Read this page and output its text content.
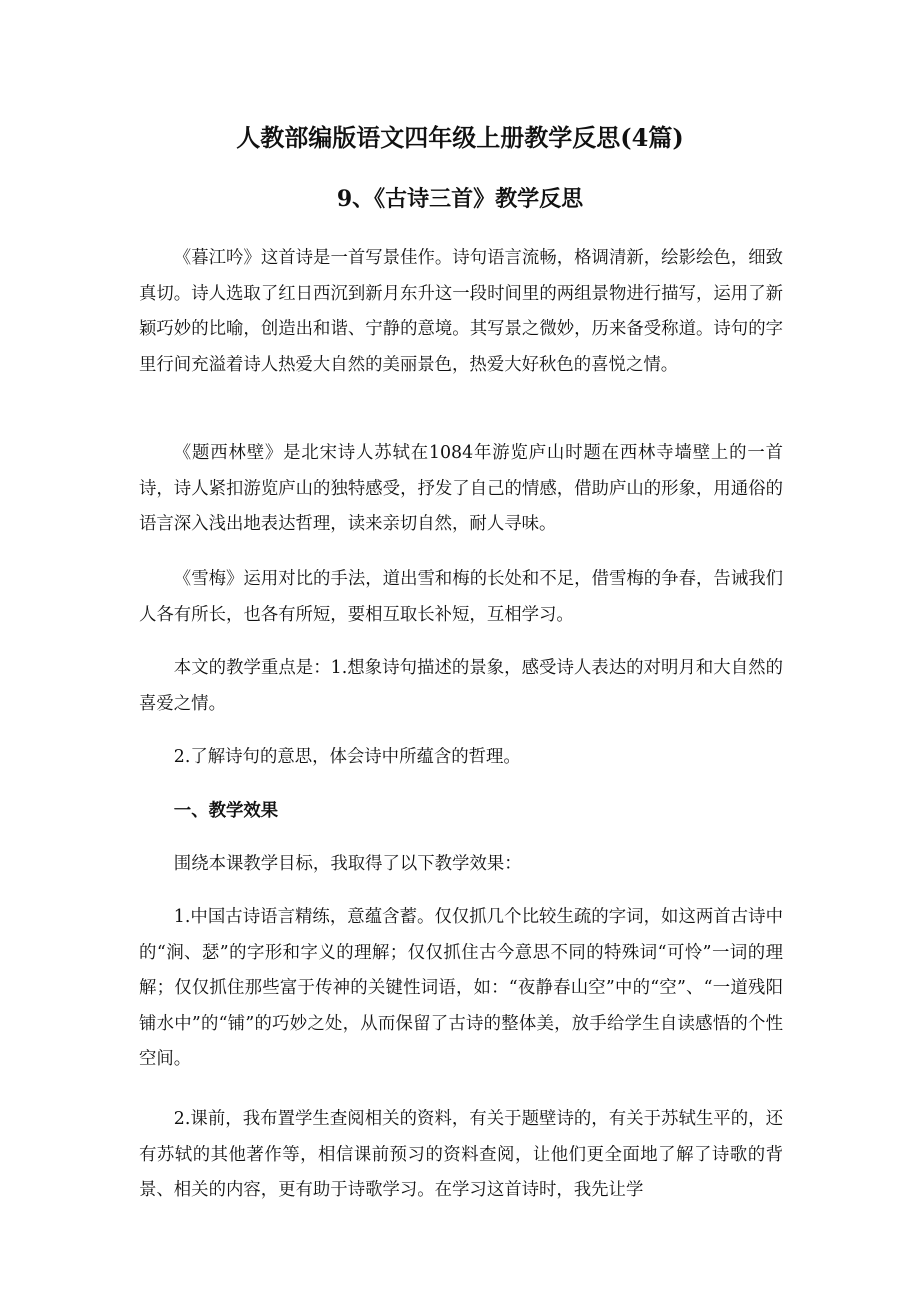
人教部编版语文四年级上册教学反思(4篇)
9、《古诗三首》教学反思

《暮江吟》这首诗是一首写景佳作。诗句语言流畅，格调清新，绘影绘色，细致真切。诗人选取了红日西沉到新月东升这一段时间里的两组景物进行描写，运用了新颖巧妙的比喻，创造出和谐、宁静的意境。其写景之微妙，历来备受称道。诗句的字里行间充溢着诗人热爱大自然的美丽景色，热爱大好秋色的喜悦之情。

《题西林壁》是北宋诗人苏轼在1084年游览庐山时题在西林寺墙壁上的一首诗，诗人紧扣游览庐山的独特感受，抒发了自己的情感，借助庐山的形象，用通俗的语言深入浅出地表达哲理，读来亲切自然，耐人寻味。

《雪梅》运用对比的手法，道出雪和梅的长处和不足，借雪梅的争春，告诫我们人各有所长，也各有所短，要相互取长补短，互相学习。

本文的教学重点是：1.想象诗句描述的景象，感受诗人表达的对明月和大自然的喜爱之情。

2.了解诗句的意思，体会诗中所蕴含的哲理。

一、教学效果

围绕本课教学目标，我取得了以下教学效果：

1.中国古诗语言精练，意蕴含蓄。仅仅抓几个比较生疏的字词，如这两首古诗中的“涧、瑟”的字形和字义的理解；仅仅抓住古今意思不同的特殊词“可怜”一词的理解；仅仅抓住那些富于传神的关键性词语，如：“夜静春山空”中的“空”、“一道残阳铺水中”的“铺”的巧妙之处，从而保留了古诗的整体美，放手给学生自读感悟的个性空间。

2.课前，我布置学生查阅相关的资料，有关于题壁诗的，有关于苏轼生平的，还有苏轼的其他著作等，相信课前预习的资料查阅，让他们更全面地了解了诗歌的背景、相关的内容，更有助于诗歌学习。在学习这首诗时，我先让学
